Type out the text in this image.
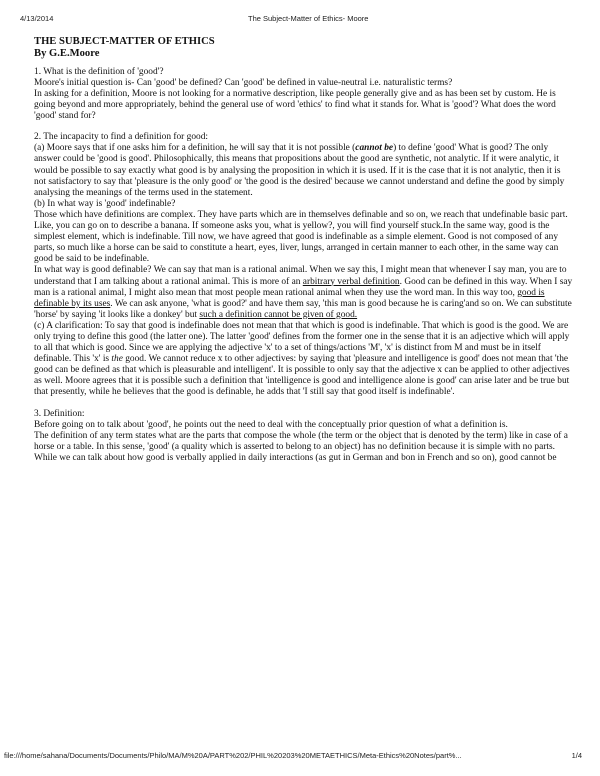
4/13/2014	The Subject-Matter of Ethics- Moore
THE SUBJECT-MATTER OF ETHICS
By G.E.Moore

1. What is the definition of 'good'?

Moore's initial question is- Can 'good' be defined? Can 'good' be defined in value-neutral i.e. naturalistic terms?

In asking for a definition, Moore is not looking for a normative description, like people generally give and as has been set by custom. He is going beyond and more appropriately, behind the general use of word 'ethics' to find what it stands for. What is 'good'? What does the word 'good' stand for?

2. The incapacity to find a definition for good:

(a) Moore says that if one asks him for a definition, he will say that it is not possible (cannot be) to define 'good' What is good? The only answer could be 'good is good'. Philosophically, this means that propositions about the good are synthetic, not analytic. If it were analytic, it would be possible to say exactly what good is by analysing the proposition in which it is used. If it is the case that it is not analytic, then it is not satisfactory to say that 'pleasure is the only good' or 'the good is the desired' because we cannot understand and define the good by simply analysing the meanings of the terms used in the statement.

(b) In what way is 'good' indefinable?

Those which have definitions are complex. They have parts which are in themselves definable and so on, we reach that undefinable basic part. Like, you can go on to describe a banana. If someone asks you, what is yellow?, you will find yourself stuck.In the same way, good is the simplest element, which is indefinable. Till now, we have agreed that good is indefinable as a simple element. Good is not composed of any parts, so much like a horse can be said to constitute a heart, eyes, liver, lungs, arranged in certain manner to each other, in the same way can good be said to be indefinable.

In what way is good definable? We can say that man is a rational animal. When we say this, I might mean that whenever I say man, you are to understand that I am talking about a rational animal. This is more of an arbitrary verbal definition. Good can be defined in this way. When I say man is a rational animal, I might also mean that most people mean rational animal when they use the word man. In this way too, good is definable by its uses. We can ask anyone, 'what is good?' and have them say, 'this man is good because he is caring'and so on. We can substitute 'horse' by saying 'it looks like a donkey' but such a definition cannot be given of good.

(c) A clarification: To say that good is indefinable does not mean that that which is good is indefinable. That which is good is the good. We are only trying to define this good (the latter one). The latter 'good' defines from the former one in the sense that it is an adjective which will apply to all that which is good. Since we are applying the adjective 'x' to a set of things/actions 'M', 'x' is distinct from M and must be in itself definable. This 'x' is the good. We cannot reduce x to other adjectives: by saying that 'pleasure and intelligence is good' does not mean that 'the good can be defined as that which is pleasurable and intelligent'. It is possible to only say that the adjective x can be applied to other adjectives as well. Moore agrees that it is possible such a definition that 'intelligence is good and intelligence alone is good' can arise later and be true but that presently, while he believes that the good is definable, he adds that 'I still say that good itself is indefinable'.

3. Definition:

Before going on to talk about 'good', he points out the need to deal with the conceptually prior question of what a definition is.

The definition of any term states what are the parts that compose the whole (the term or the object that is denoted by the term) like in case of a horse or a table. In this sense, 'good' (a quality which is asserted to belong to an object) has no definition because it is simple with no parts. While we can talk about how good is verbally applied in daily interactions (as gut in German and bon in French and so on), good cannot be

file:///home/sahana/Documents/Documents/Philo/MA/M%20A/PART%202/PHIL%20203%20METAETHICS/Meta-Ethics%20Notes/part%...	1/4
